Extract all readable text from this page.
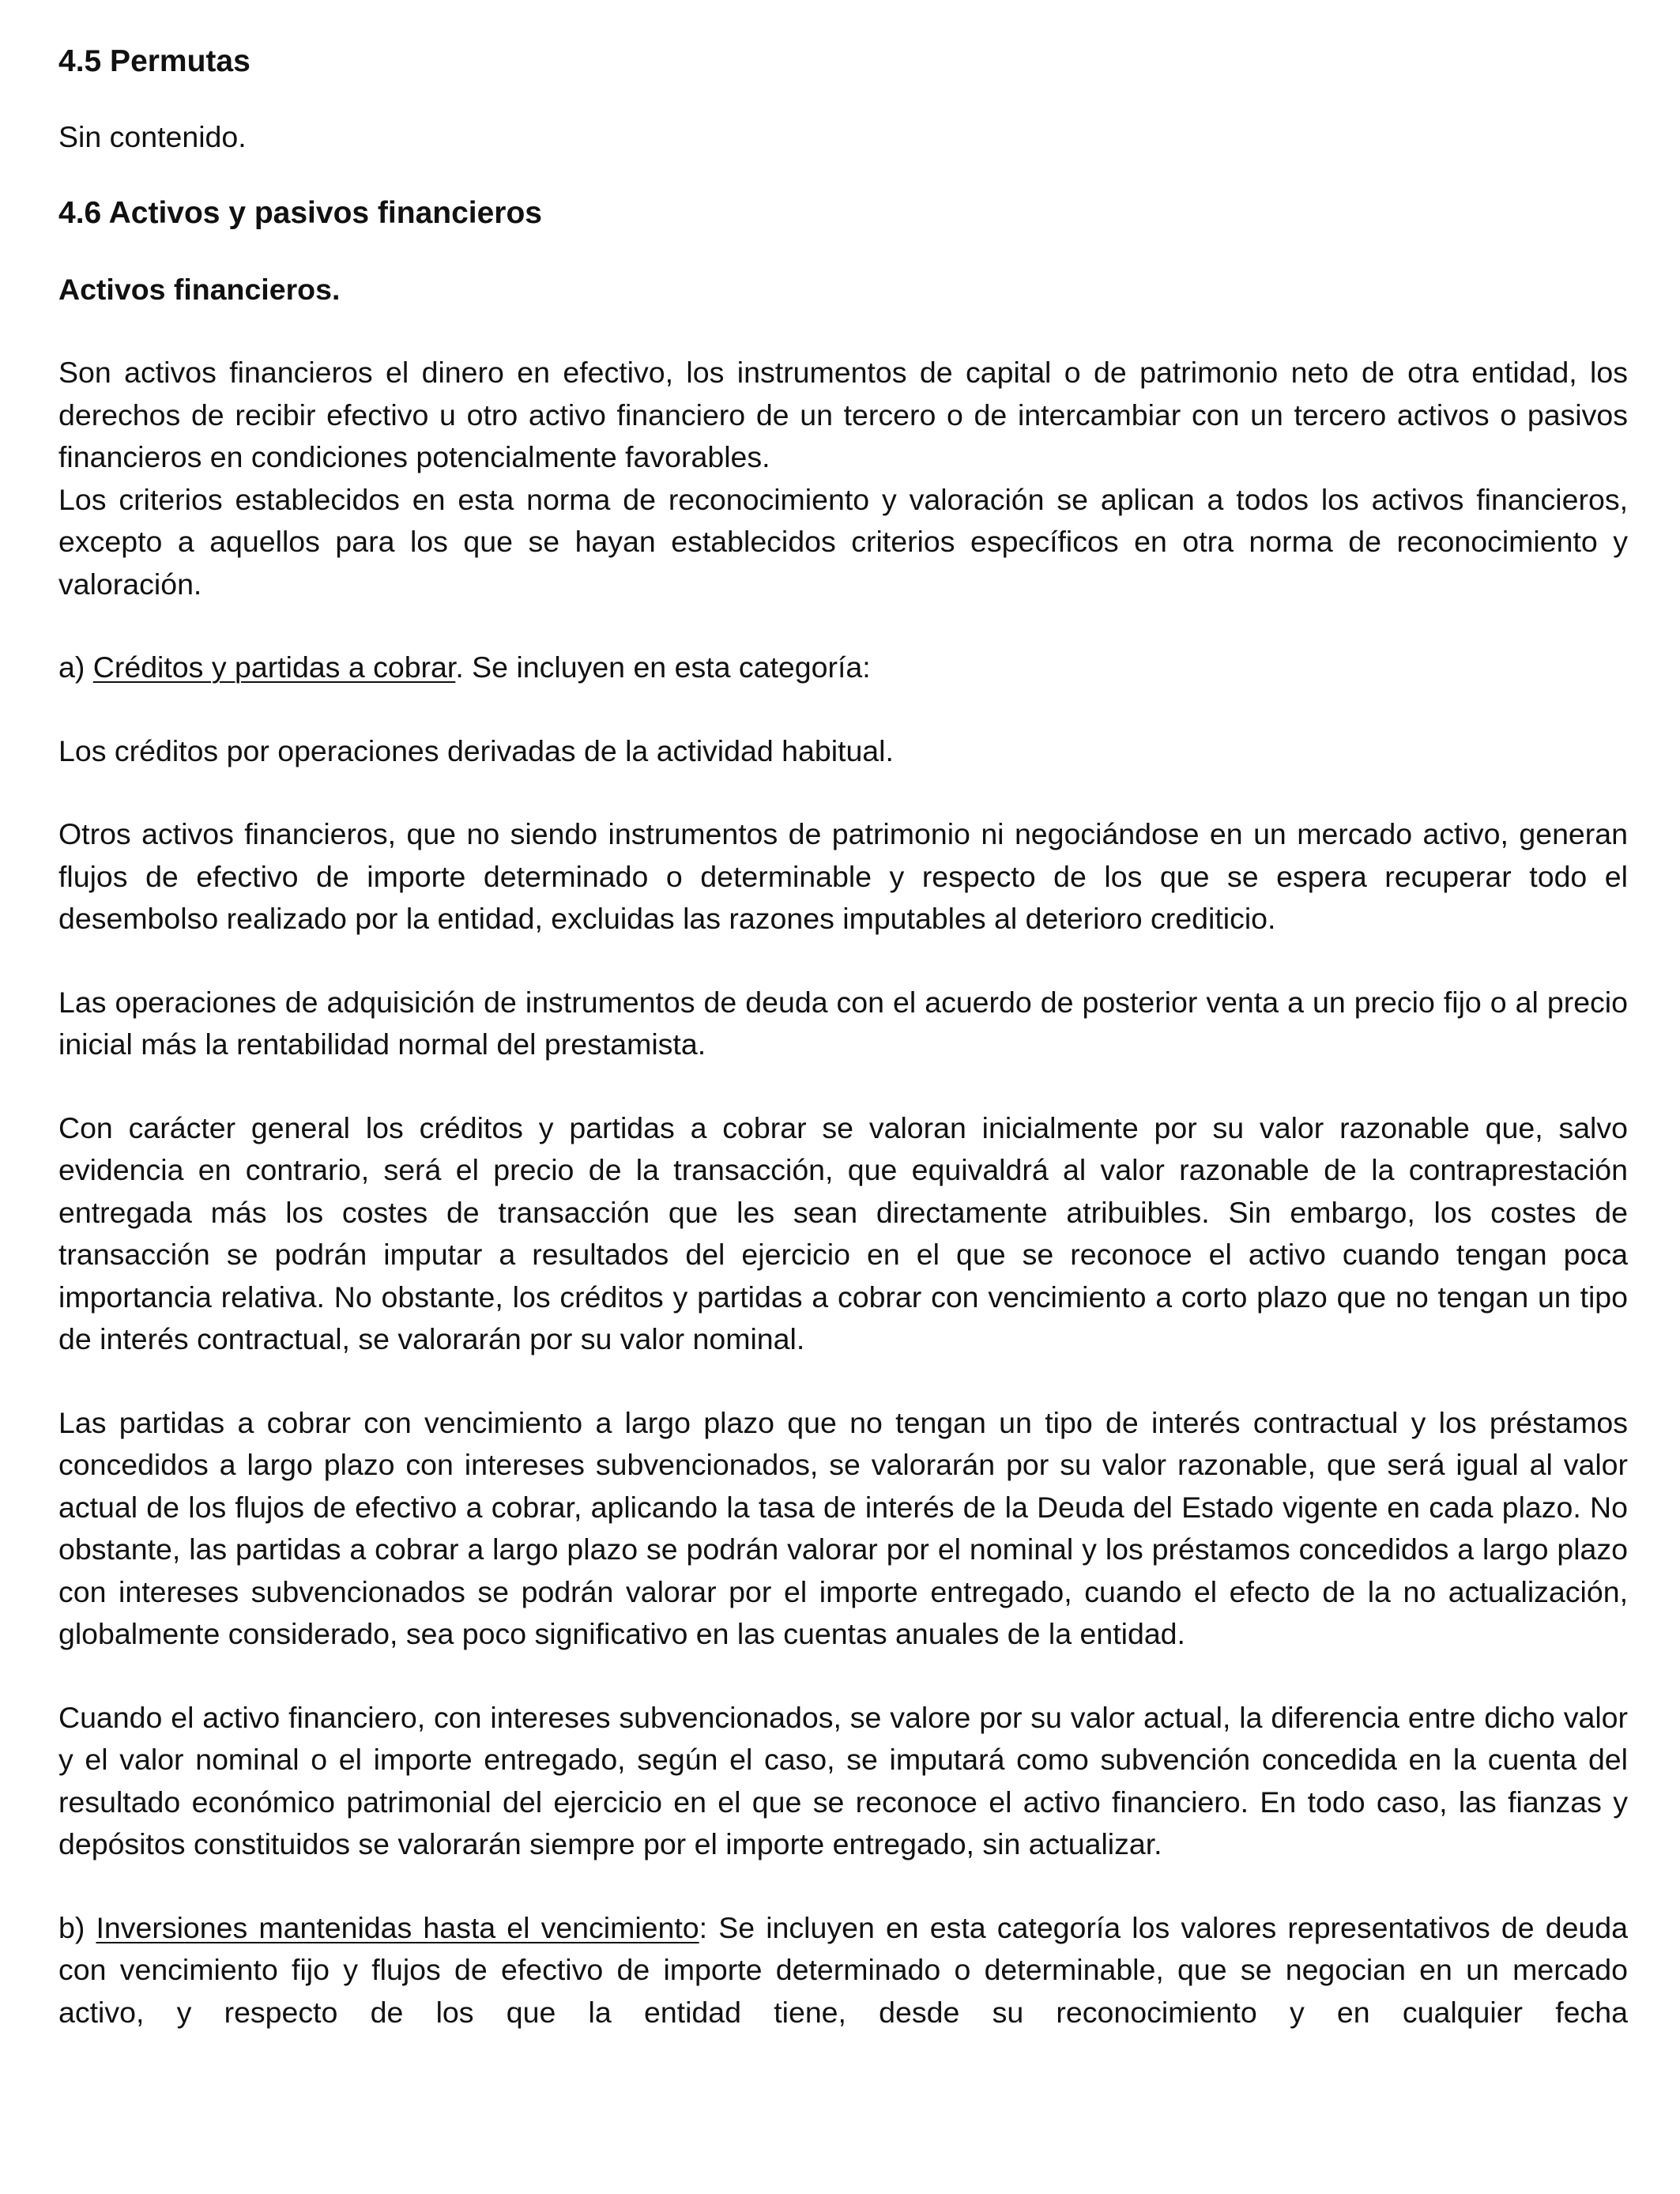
4.5 Permutas

Sin contenido.

4.6 Activos y pasivos financieros

Activos financieros.

Son activos financieros el dinero en efectivo, los instrumentos de capital o de patrimonio neto de otra entidad, los derechos de recibir efectivo u otro activo financiero de un tercero o de intercambiar con un tercero activos o pasivos financieros en condiciones potencialmente favorables.

Los criterios establecidos en esta norma de reconocimiento y valoración se aplican a todos los activos financieros, excepto a aquellos para los que se hayan establecidos criterios específicos en otra norma de reconocimiento y valoración.

a) Créditos y partidas a cobrar. Se incluyen en esta categoría:

Los créditos por operaciones derivadas de la actividad habitual.

Otros activos financieros, que no siendo instrumentos de patrimonio ni negociándose en un mercado activo, generan flujos de efectivo de importe determinado o determinable y respecto de los que se espera recuperar todo el desembolso realizado por la entidad, excluidas las razones imputables al deterioro crediticio.

Las operaciones de adquisición de instrumentos de deuda con el acuerdo de posterior venta a un precio fijo o al precio inicial más la rentabilidad normal del prestamista.

Con carácter general los créditos y partidas a cobrar se valoran inicialmente por su valor razonable que, salvo evidencia en contrario, será el precio de la transacción, que equivaldrá al valor razonable de la contraprestación entregada más los costes de transacción que les sean directamente atribuibles. Sin embargo, los costes de transacción se podrán imputar a resultados del ejercicio en el que se reconoce el activo cuando tengan poca importancia relativa. No obstante, los créditos y partidas a cobrar con vencimiento a corto plazo que no tengan un tipo de interés contractual, se valorarán por su valor nominal.

Las partidas a cobrar con vencimiento a largo plazo que no tengan un tipo de interés contractual y los préstamos concedidos a largo plazo con intereses subvencionados, se valorarán por su valor razonable, que será igual al valor actual de los flujos de efectivo a cobrar, aplicando la tasa de interés de la Deuda del Estado vigente en cada plazo. No obstante, las partidas a cobrar a largo plazo se podrán valorar por el nominal y los préstamos concedidos a largo plazo con intereses subvencionados se podrán valorar por el importe entregado, cuando el efecto de la no actualización, globalmente considerado, sea poco significativo en las cuentas anuales de la entidad.

Cuando el activo financiero, con intereses subvencionados, se valore por su valor actual, la diferencia entre dicho valor y el valor nominal o el importe entregado, según el caso, se imputará como subvención concedida en la cuenta del resultado económico patrimonial del ejercicio en el que se reconoce el activo financiero. En todo caso, las fianzas y depósitos constituidos se valorarán siempre por el importe entregado, sin actualizar.

b) Inversiones mantenidas hasta el vencimiento: Se incluyen en esta categoría los valores representativos de deuda con vencimiento fijo y flujos de efectivo de importe determinado o determinable, que se negocian en un mercado activo, y respecto de los que la entidad tiene, desde su reconocimiento y en cualquier fecha
